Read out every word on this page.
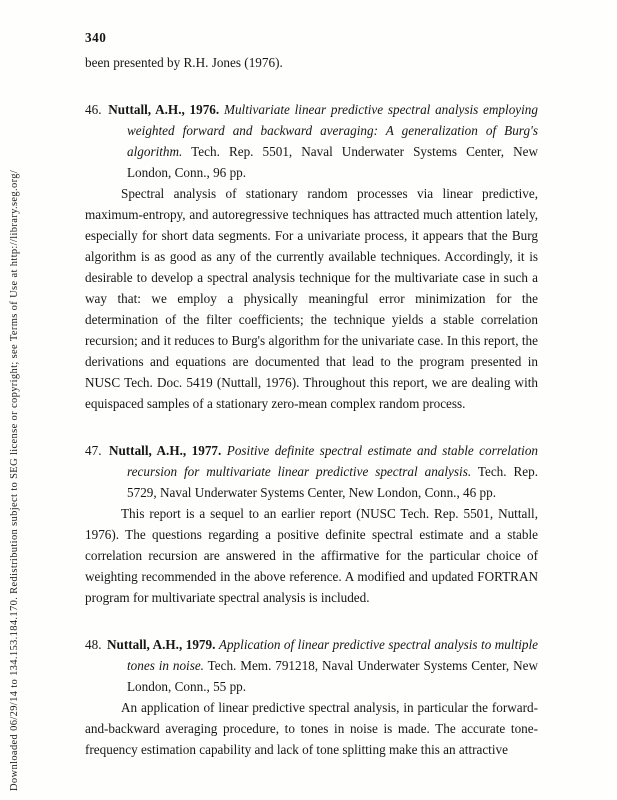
Downloaded 06/29/14 to 134.153.184.170. Redistribution subject to SEG license or copyright; see Terms of Use at http://library.seg.org/

340

been presented by R.H. Jones (1976).

46. Nuttall, A.H., 1976. Multivariate linear predictive spectral analysis employing weighted forward and backward averaging: A generalization of Burg's algorithm. Tech. Rep. 5501, Naval Underwater Systems Center, New London, Conn., 96 pp.

Spectral analysis of stationary random processes via linear predictive, maximum-entropy, and autoregressive techniques has attracted much attention lately, especially for short data segments. For a univariate process, it appears that the Burg algorithm is as good as any of the currently available techniques. Accordingly, it is desirable to develop a spectral analysis technique for the multivariate case in such a way that: we employ a physically meaningful error minimization for the determination of the filter coefficients; the technique yields a stable correlation recursion; and it reduces to Burg's algorithm for the univariate case. In this report, the derivations and equations are documented that lead to the program presented in NUSC Tech. Doc. 5419 (Nuttall, 1976). Throughout this report, we are dealing with equispaced samples of a stationary zero-mean complex random process.

47. Nuttall, A.H., 1977. Positive definite spectral estimate and stable correlation recursion for multivariate linear predictive spectral analysis. Tech. Rep. 5729, Naval Underwater Systems Center, New London, Conn., 46 pp.

This report is a sequel to an earlier report (NUSC Tech. Rep. 5501, Nuttall, 1976). The questions regarding a positive definite spectral estimate and a stable correlation recursion are answered in the affirmative for the particular choice of weighting recommended in the above reference. A modified and updated FORTRAN program for multivariate spectral analysis is included.

48. Nuttall, A.H., 1979. Application of linear predictive spectral analysis to multiple tones in noise. Tech. Mem. 791218, Naval Underwater Systems Center, New London, Conn., 55 pp.

An application of linear predictive spectral analysis, in particular the forward-and-backward averaging procedure, to tones in noise is made. The accurate tone-frequency estimation capability and lack of tone splitting make this an attractive
